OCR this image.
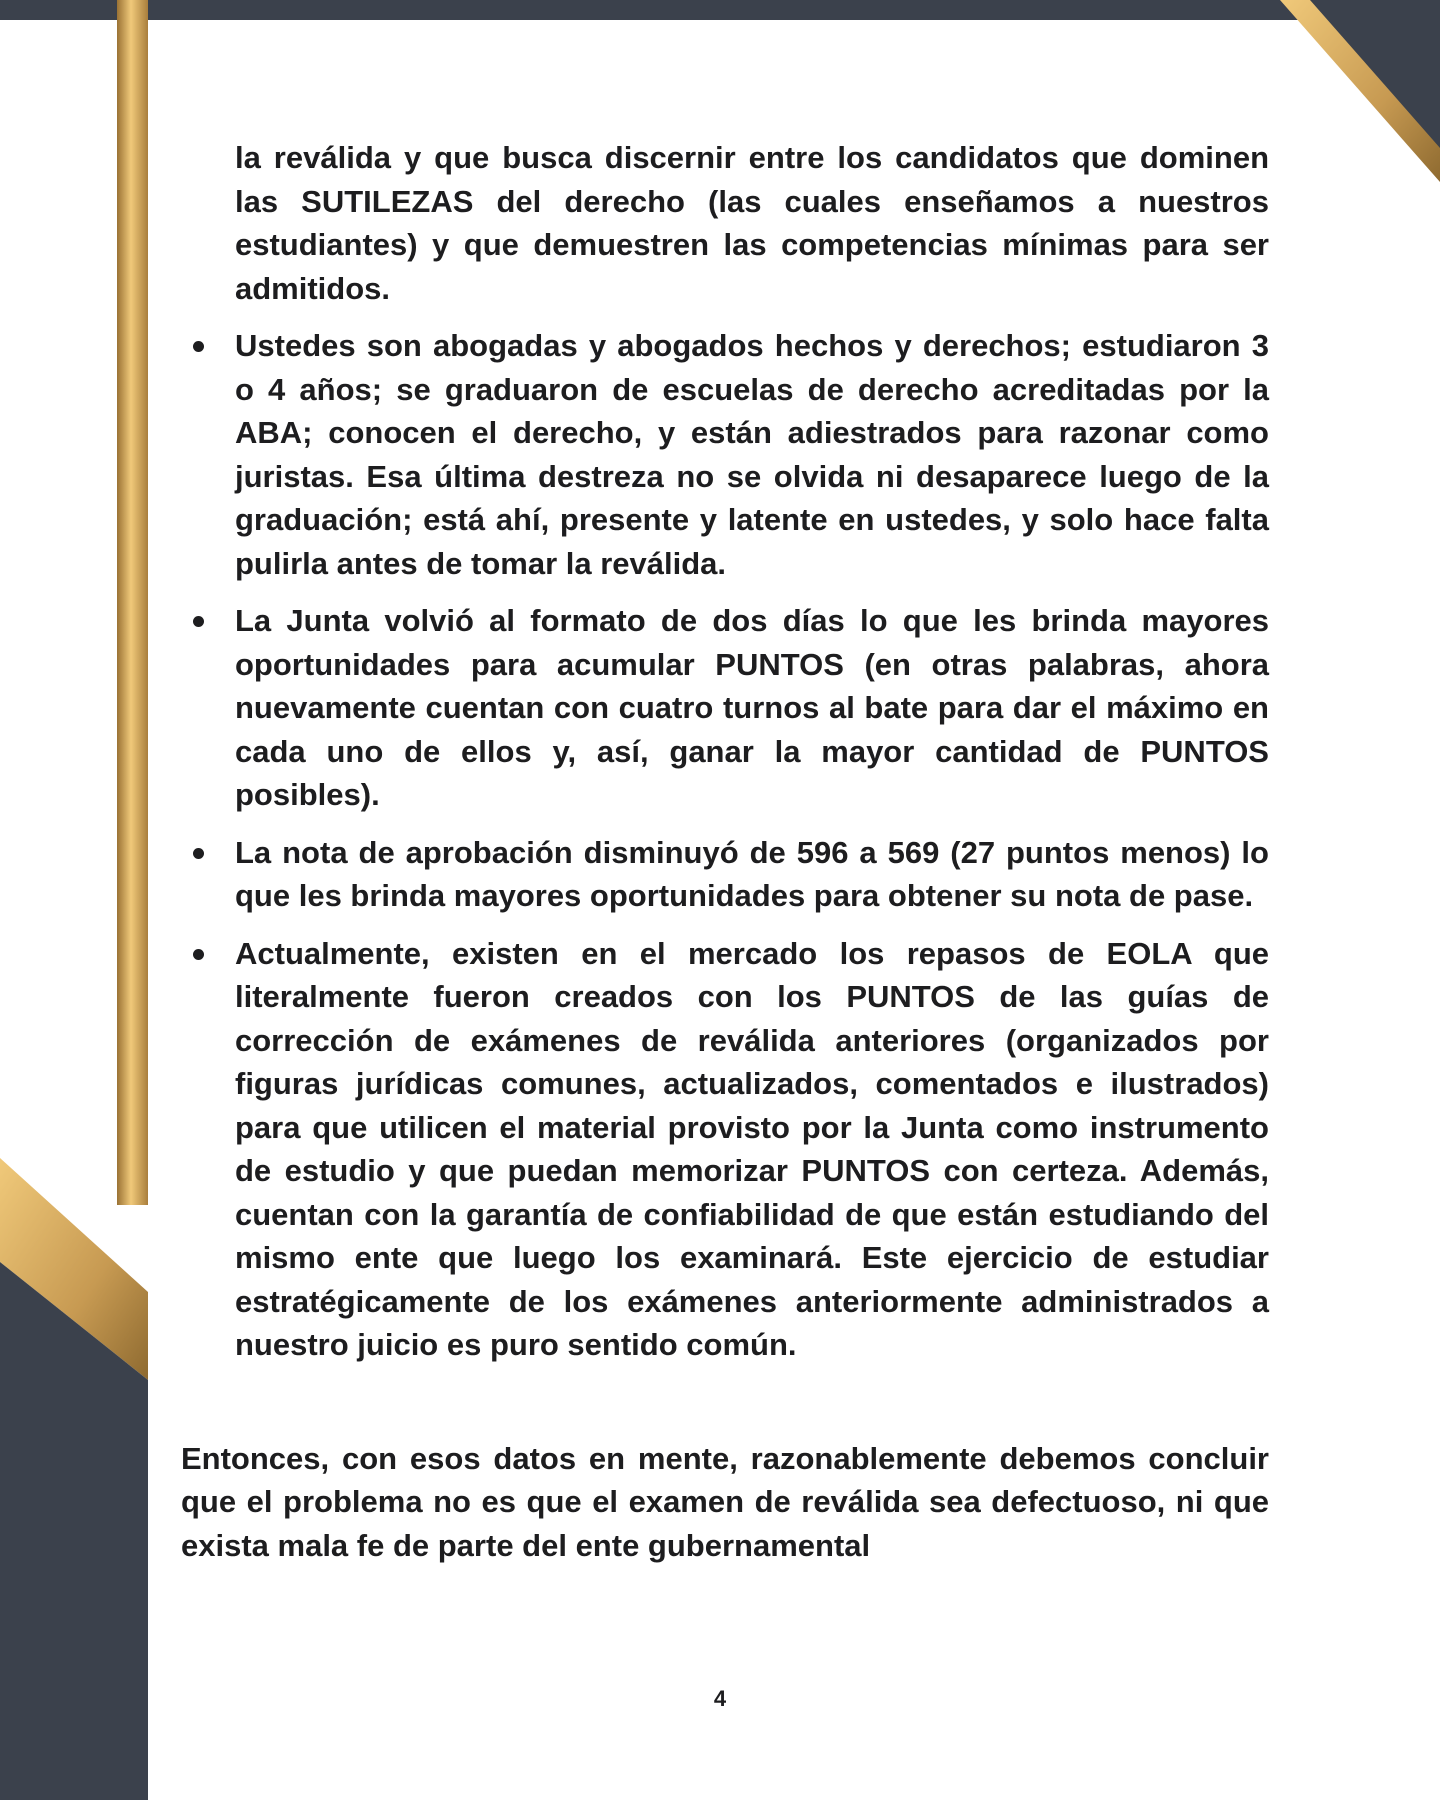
la reválida y que busca discernir entre los candidatos que dominen las SUTILEZAS del derecho (las cuales enseñamos a nuestros estudiantes) y que demuestren las competencias mínimas para ser admitidos.

Ustedes son abogadas y abogados hechos y derechos; estudiaron 3 o 4 años; se graduaron de escuelas de derecho acreditadas por la ABA; conocen el derecho, y están adiestrados para razonar como juristas. Esa última destreza no se olvida ni desaparece luego de la graduación; está ahí, presente y latente en ustedes, y solo hace falta pulirla antes de tomar la reválida.
La Junta volvió al formato de dos días lo que les brinda mayores oportunidades para acumular PUNTOS (en otras palabras, ahora nuevamente cuentan con cuatro turnos al bate para dar el máximo en cada uno de ellos y, así, ganar la mayor cantidad de PUNTOS posibles).
La nota de aprobación disminuyó de 596 a 569 (27 puntos menos) lo que les brinda mayores oportunidades para obtener su nota de pase.
Actualmente, existen en el mercado los repasos de EOLA que literalmente fueron creados con los PUNTOS de las guías de corrección de exámenes de reválida anteriores (organizados por figuras jurídicas comunes, actualizados, comentados e ilustrados) para que utilicen el material provisto por la Junta como instrumento de estudio y que puedan memorizar PUNTOS con certeza. Además, cuentan con la garantía de confiabilidad de que están estudiando del mismo ente que luego los examinará. Este ejercicio de estudiar estratégicamente de los exámenes anteriormente administrados a nuestro juicio es puro sentido común.

Entonces, con esos datos en mente, razonablemente debemos concluir que el problema no es que el examen de reválida sea defectuoso, ni que exista mala fe de parte del ente gubernamental

4
